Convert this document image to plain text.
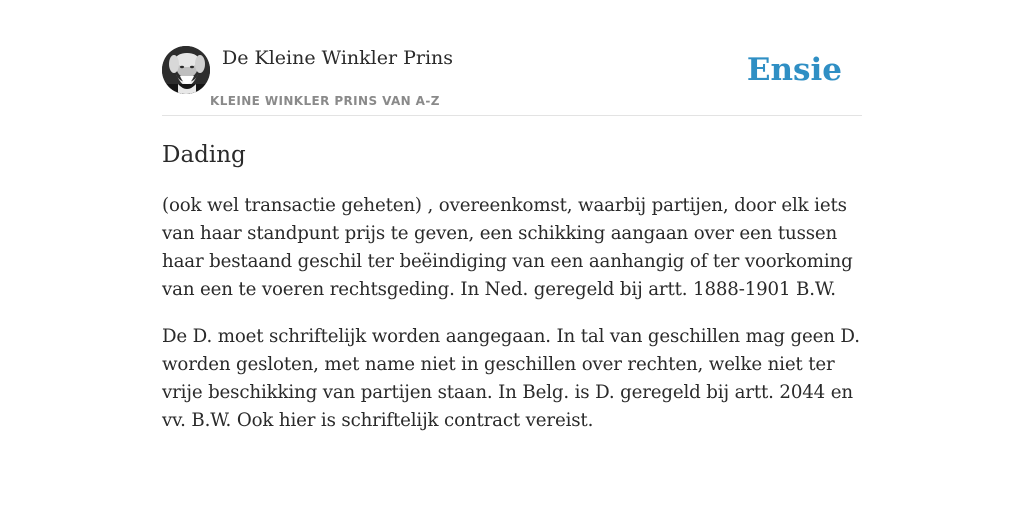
De Kleine Winkler Prins
KLEINE WINKLER PRINS VAN A-Z
Ensie
Dading

(ook wel transactie geheten) , overeenkomst, waarbij partijen, door elk iets van haar standpunt prijs te geven, een schikking aangaan over een tussen haar bestaand geschil ter beëindiging van een aanhangig of ter voorkoming van een te voeren rechtsgeding. In Ned. geregeld bij artt. 1888-1901 B.W.

De D. moet schriftelijk worden aangegaan. In tal van geschillen mag geen D. worden gesloten, met name niet in geschillen over rechten, welke niet ter vrije beschikking van partijen staan. In Belg. is D. geregeld bij artt. 2044 en vv. B.W. Ook hier is schriftelijk contract vereist.
